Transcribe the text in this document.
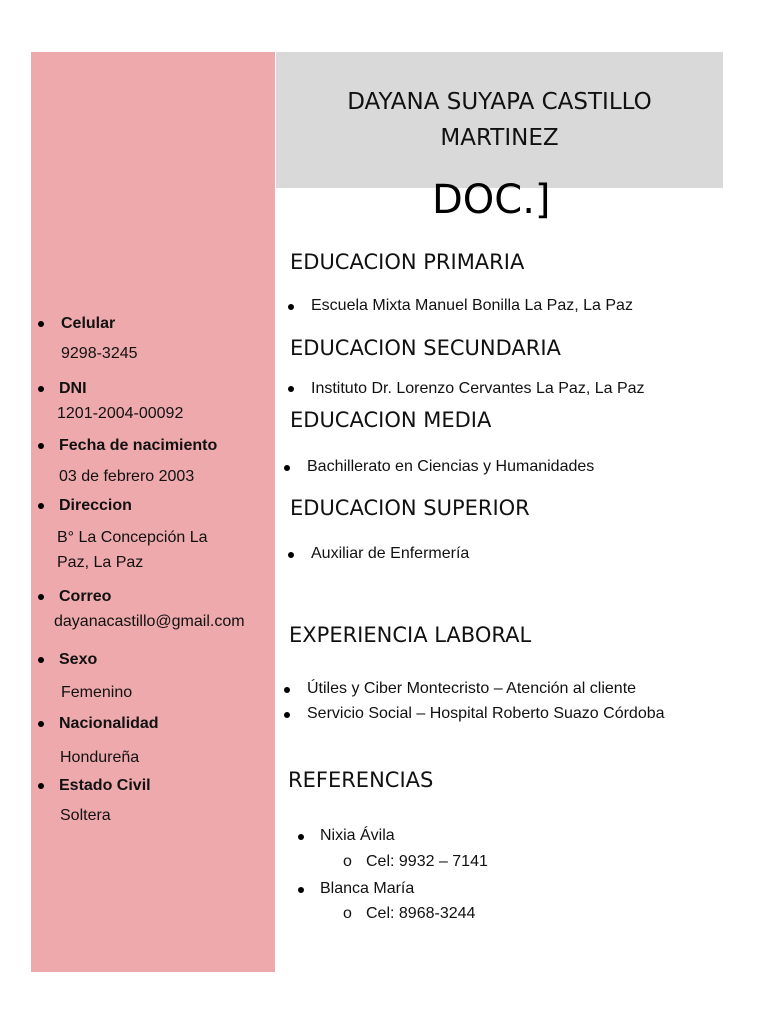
DAYANA SUYAPA CASTILLO MARTINEZ
DOC.]
Celular
9298-3245
DNI
1201-2004-00092
Fecha de nacimiento
03 de febrero 2003
Direccion
B° La Concepción La
Paz, La Paz
Correo
dayanacastillo@gmail.com
Sexo
Femenino
Nacionalidad
Hondureña
Estado Civil
Soltera
EDUCACION PRIMARIA
Escuela Mixta Manuel Bonilla La Paz, La Paz
EDUCACION SECUNDARIA
Instituto Dr. Lorenzo Cervantes La Paz, La Paz
EDUCACION MEDIA
Bachillerato en Ciencias y Humanidades
EDUCACION SUPERIOR
Auxiliar de Enfermería
EXPERIENCIA LABORAL
Útiles y Ciber Montecristo – Atención al cliente
Servicio Social – Hospital Roberto Suazo Córdoba
REFERENCIAS
Nixia Ávila
o Cel: 9932 – 7141
Blanca María
o Cel: 8968-3244
